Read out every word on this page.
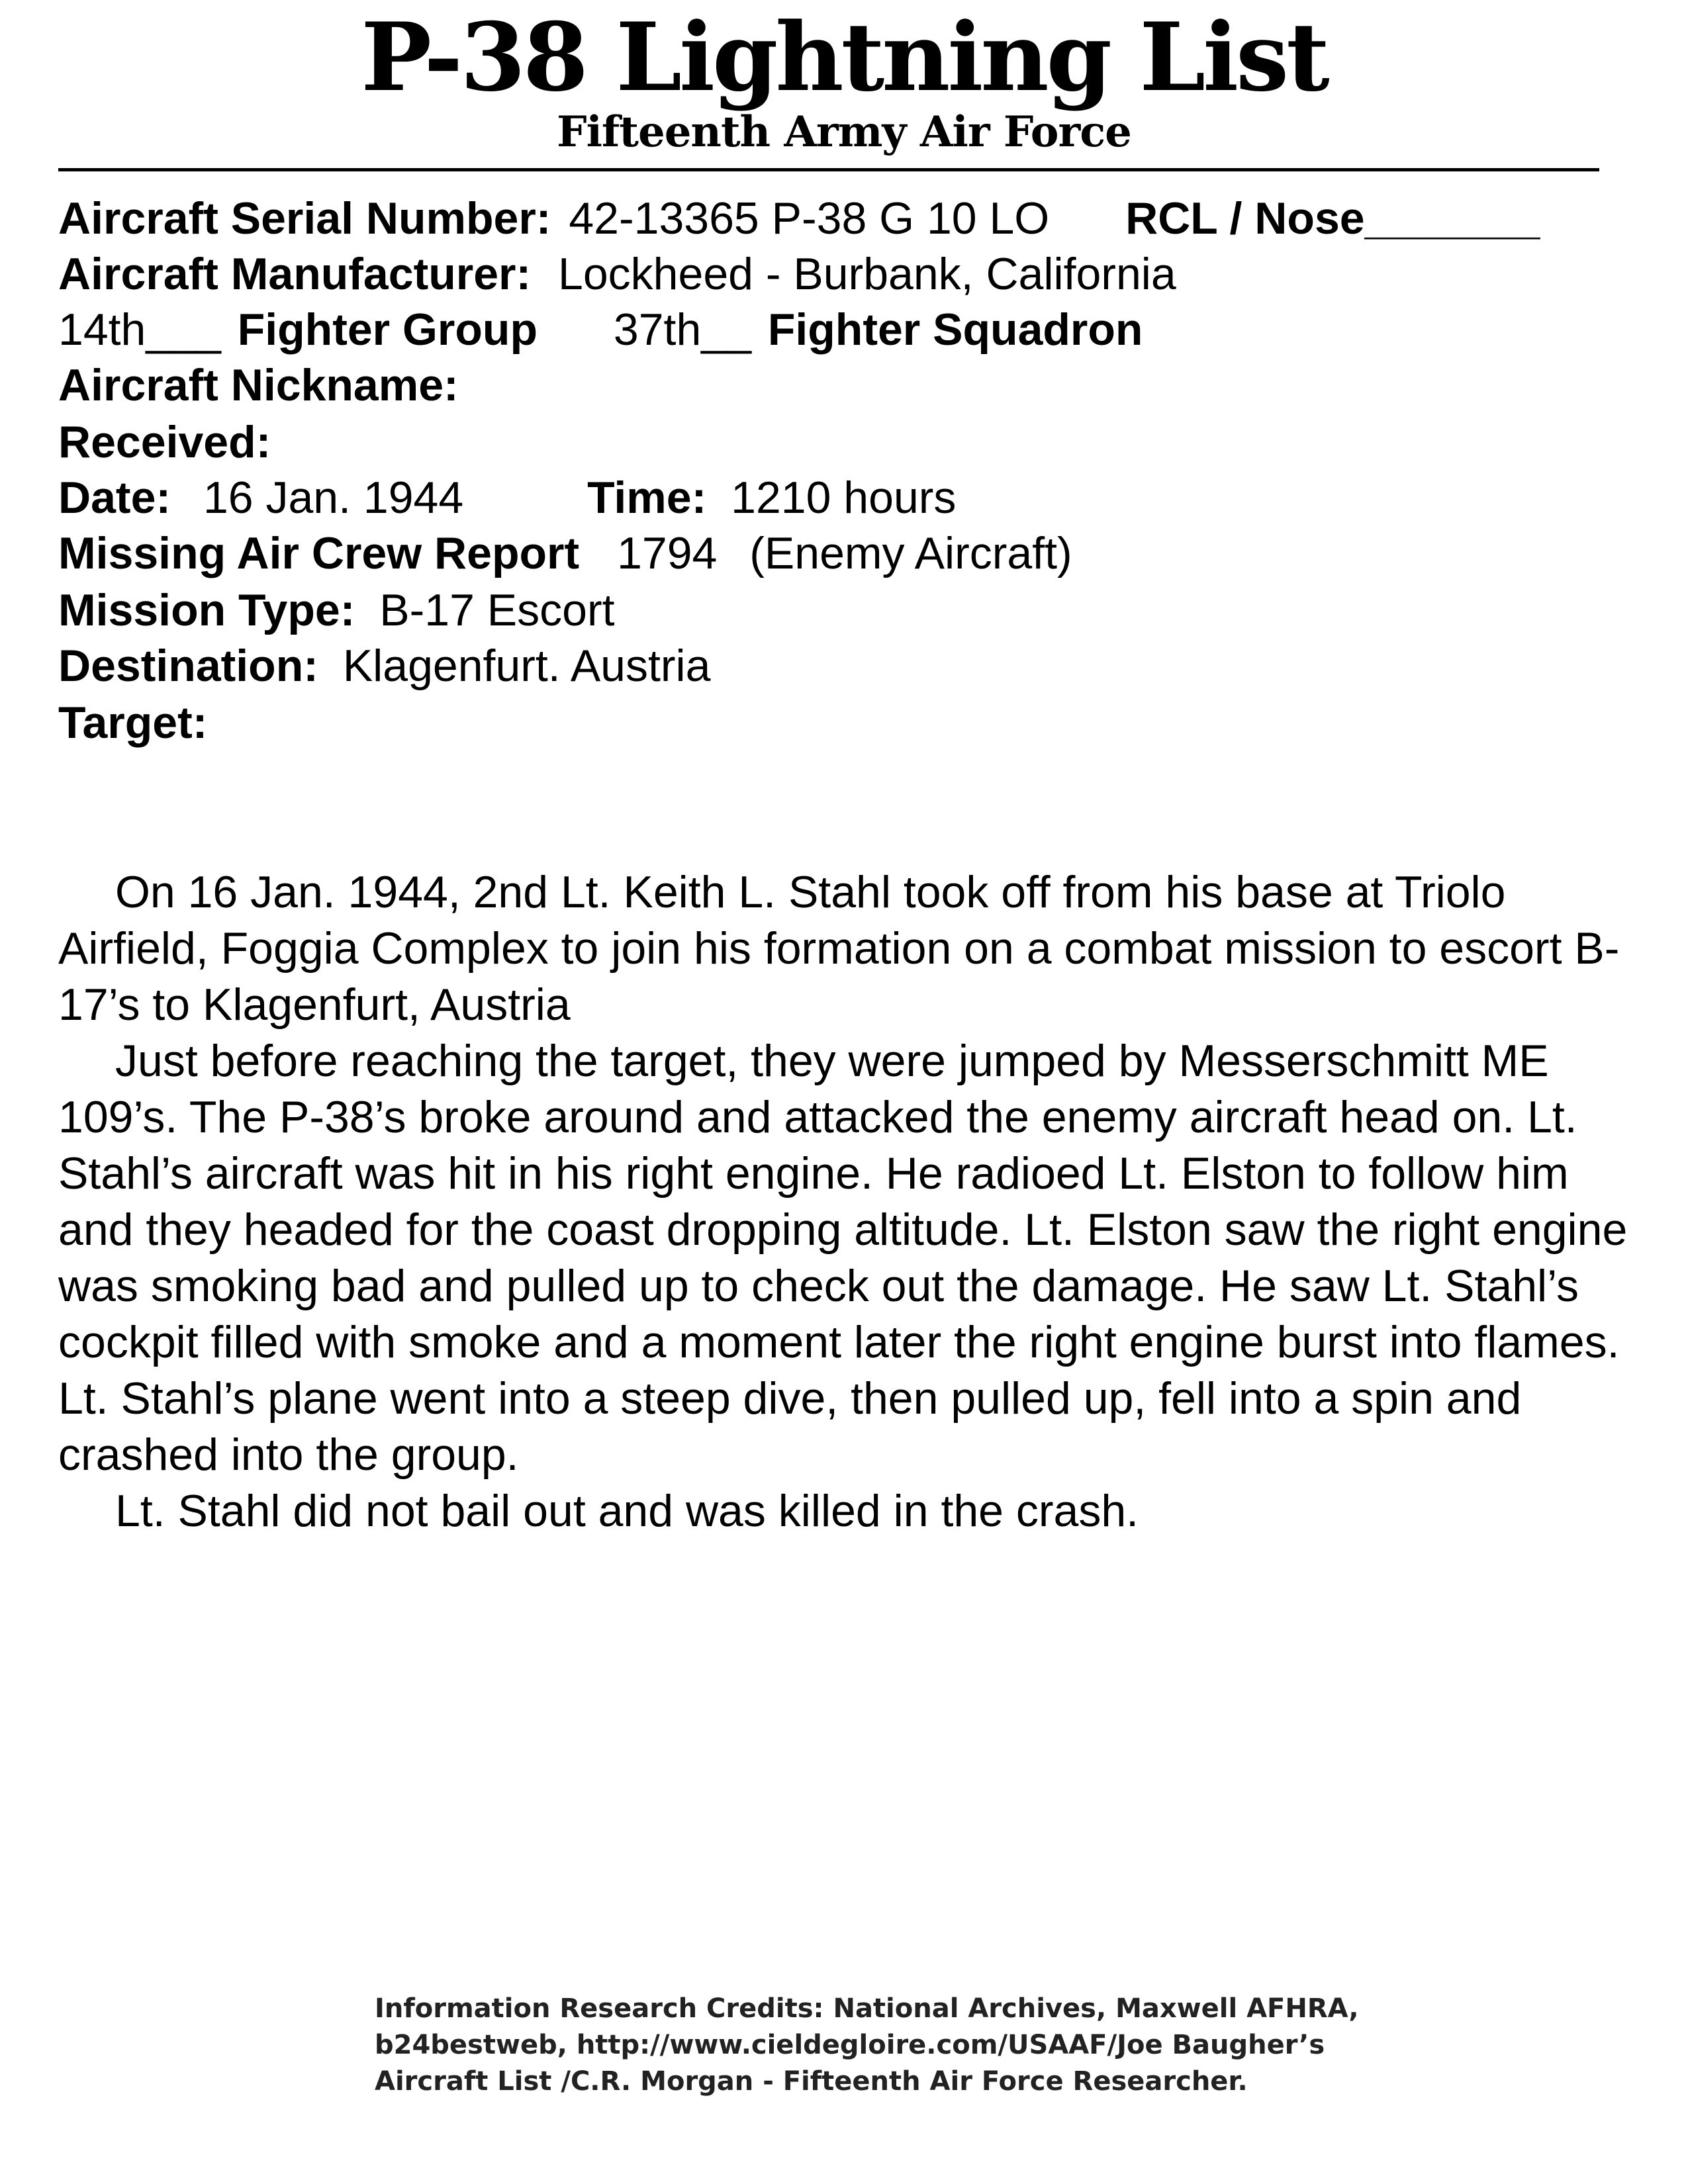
P-38 Lightning List
Fifteenth Army Air Force
Aircraft Serial Number: 42-13365 P-38 G 10 LO RCL / Nose_______
Aircraft Manufacturer: Lockheed - Burbank, California
14th___ Fighter Group 37th__ Fighter Squadron
Aircraft Nickname:
Received:
Date: 16 Jan. 1944	Time: 1210 hours
Missing Air Crew Report 1794 (Enemy Aircraft)
Mission Type: B-17 Escort
Destination: Klagenfurt. Austria
Target:

On 16 Jan. 1944, 2nd Lt. Keith L. Stahl took off from his base at Triolo Airfield, Foggia Complex to join his formation on a combat mission to escort B-17’s to Klagenfurt, Austria

Just before reaching the target, they were jumped by Messerschmitt ME 109’s. The P-38’s broke around and attacked the enemy aircraft head on. Lt. Stahl’s aircraft was hit in his right engine. He radioed Lt. Elston to follow him and they headed for the coast dropping altitude. Lt. Elston saw the right engine was smoking bad and pulled up to check out the damage. He saw Lt. Stahl’s cockpit filled with smoke and a moment later the right engine burst into flames. Lt. Stahl’s plane went into a steep dive, then pulled up, fell into a spin and crashed into the group.

Lt. Stahl did not bail out and was killed in the crash.

Information Research Credits: National Archives, Maxwell AFHRA,
b24bestweb, http://www.cieldegloire.com/USAAF/Joe Baugher’s
Aircraft List /C.R. Morgan - Fifteenth Air Force Researcher.
